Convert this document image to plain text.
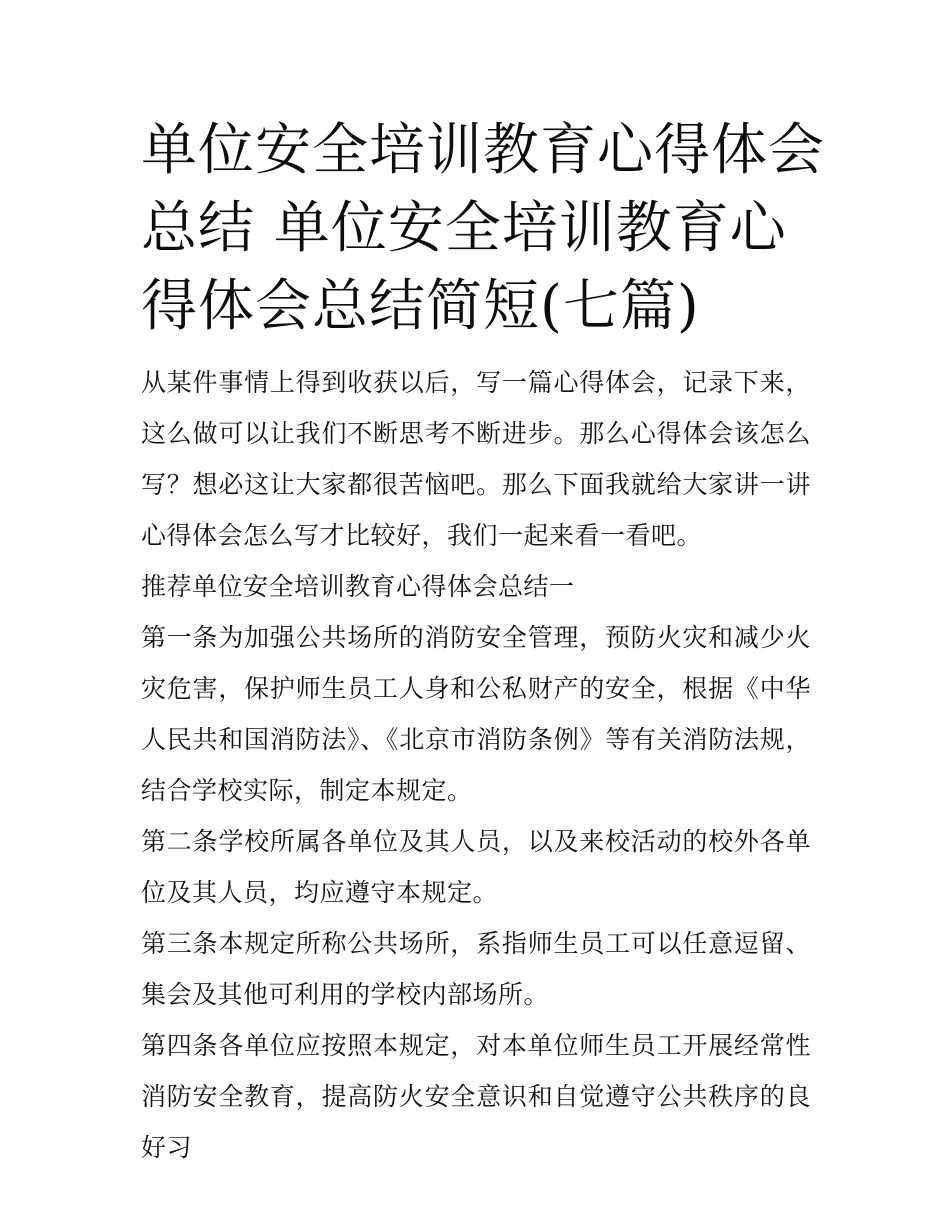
单位安全培训教育心得体会总结 单位安全培训教育心得体会总结简短(七篇)

从某件事情上得到收获以后，写一篇心得体会，记录下来，这么做可以让我们不断思考不断进步。那么心得体会该怎么写？想必这让大家都很苦恼吧。那么下面我就给大家讲一讲心得体会怎么写才比较好，我们一起来看一看吧。

推荐单位安全培训教育心得体会总结一

第一条为加强公共场所的消防安全管理，预防火灾和减少火灾危害，保护师生员工人身和公私财产的安全，根据《中华人民共和国消防法》、《北京市消防条例》等有关消防法规，结合学校实际，制定本规定。

第二条学校所属各单位及其人员，以及来校活动的校外各单位及其人员，均应遵守本规定。

第三条本规定所称公共场所，系指师生员工可以任意逗留、集会及其他可利用的学校内部场所。

第四条各单位应按照本规定，对本单位师生员工开展经常性消防安全教育，提高防火安全意识和自觉遵守公共秩序的良好习
